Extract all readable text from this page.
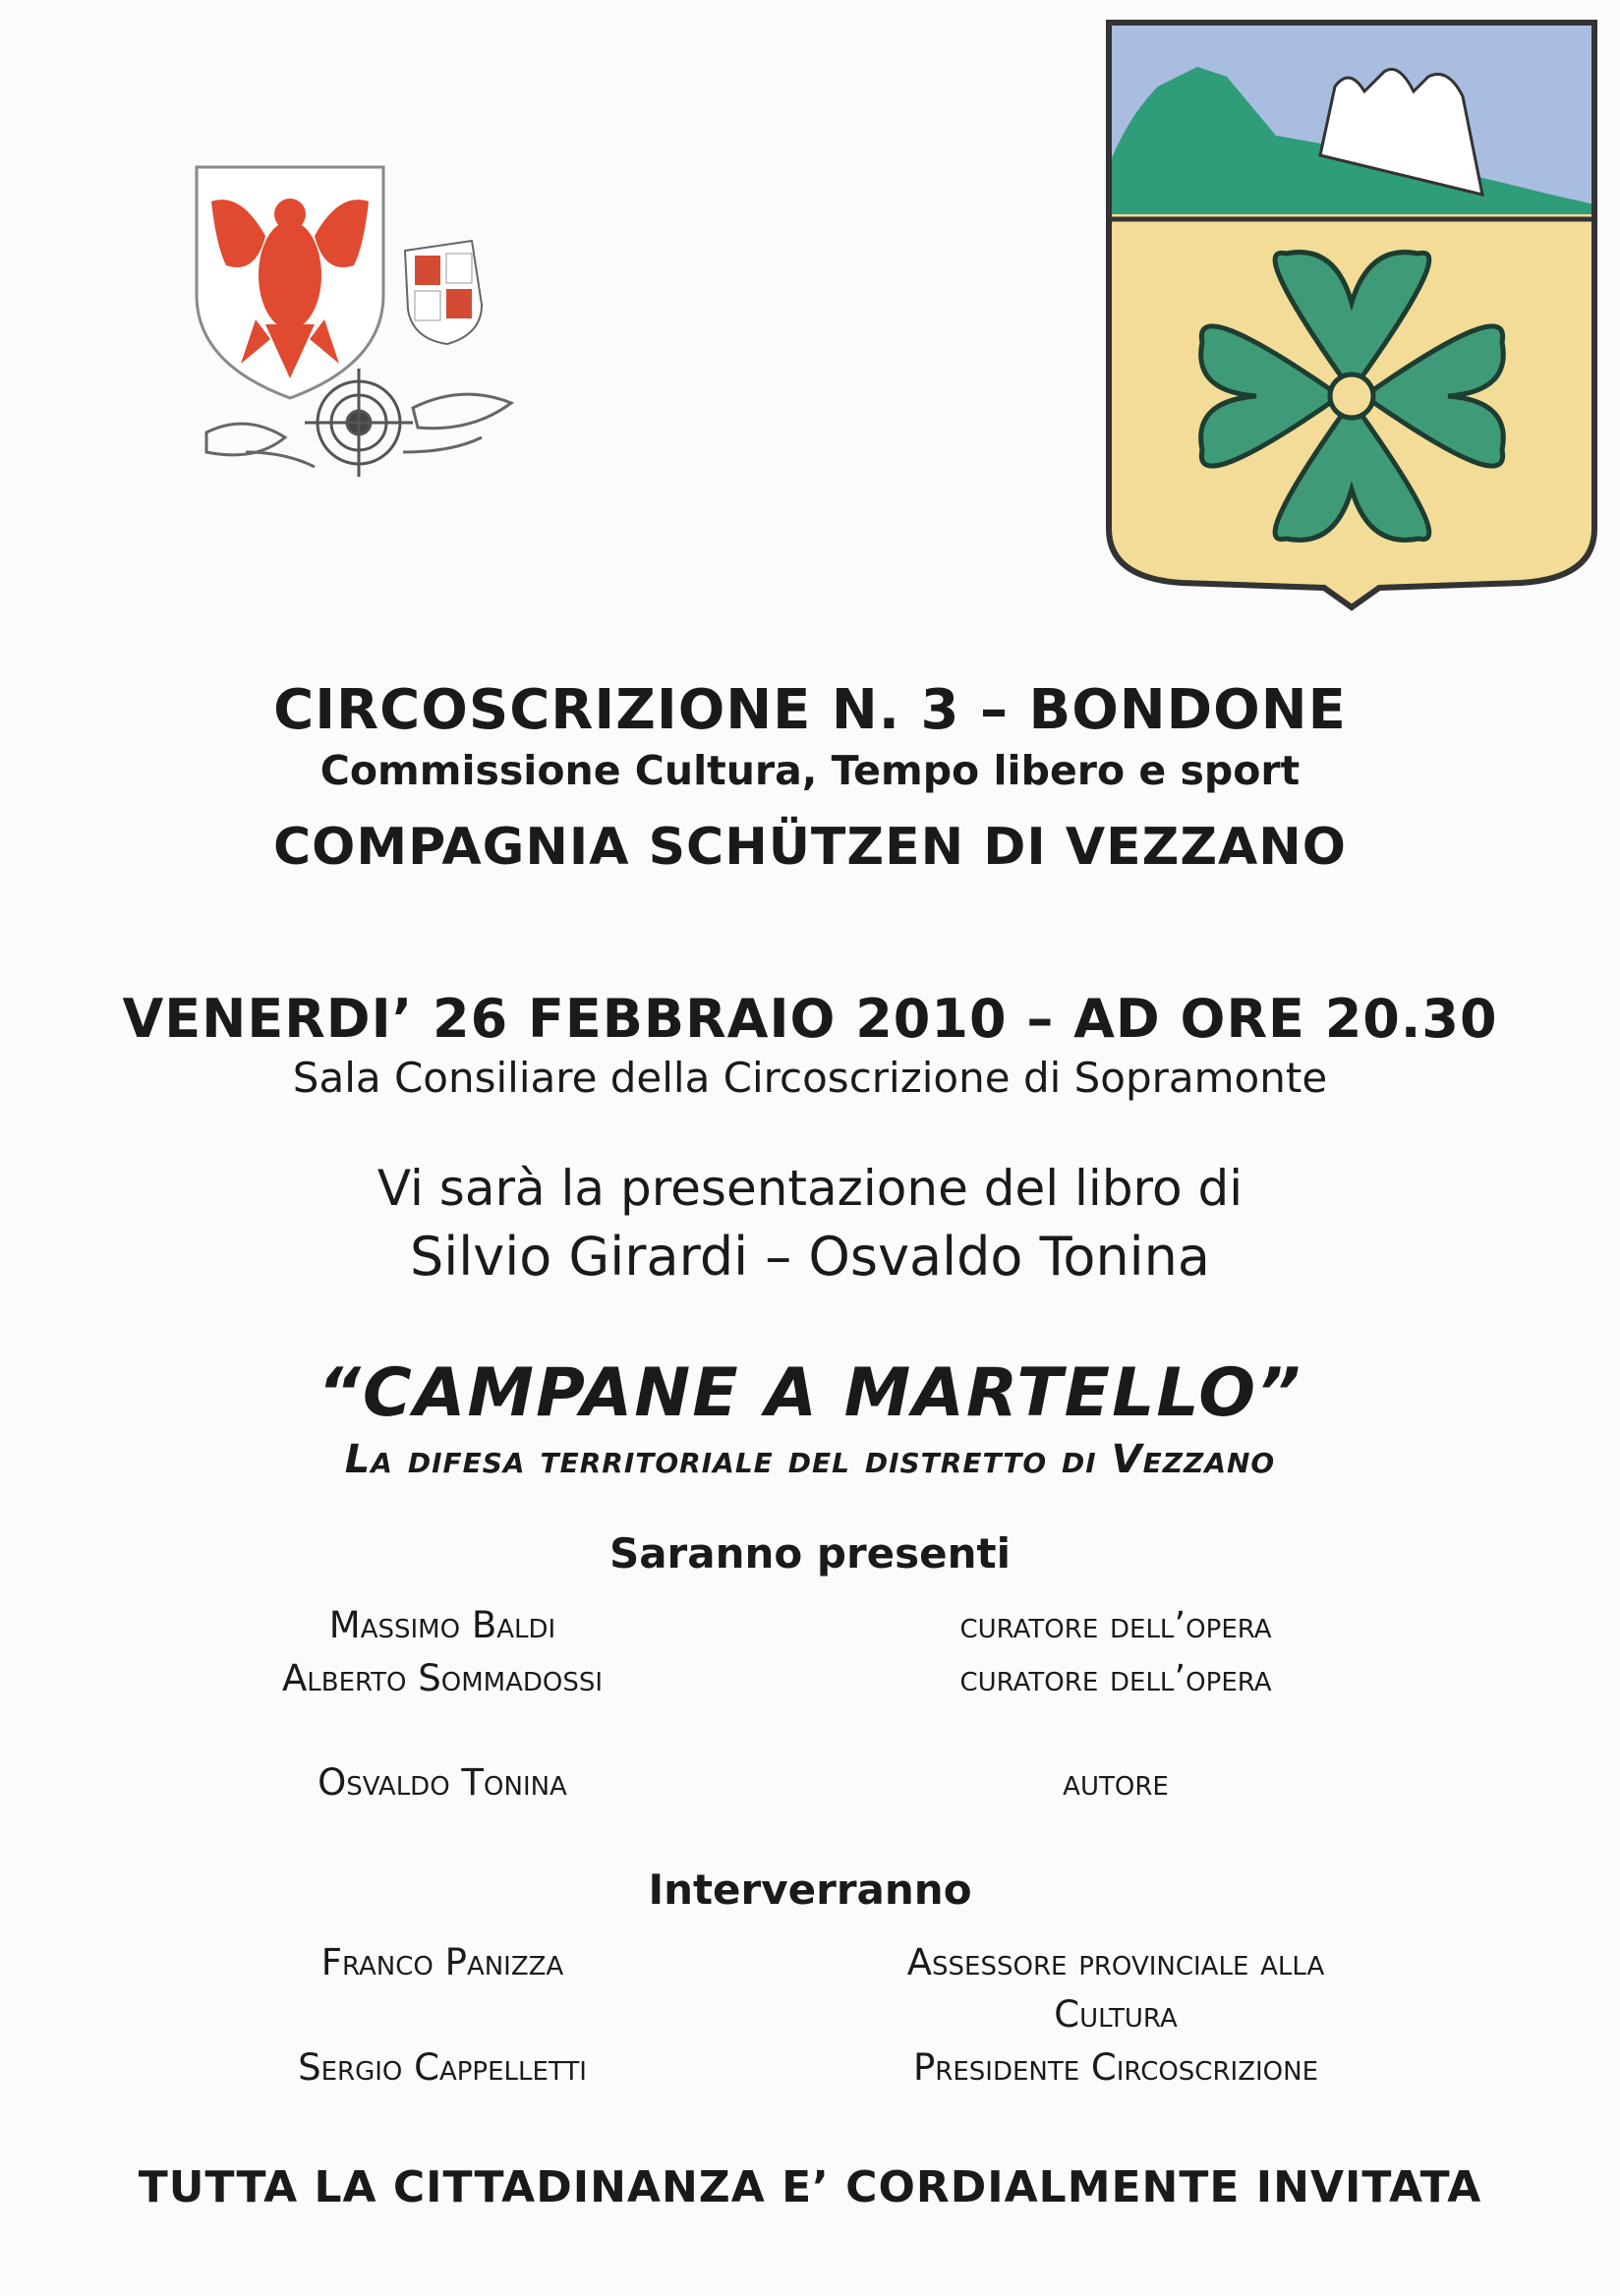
CIRCOSCRIZIONE N. 3 – BONDONE
Commissione Cultura, Tempo libero e sport
COMPAGNIA SCHÜTZEN DI VEZZANO
VENERDI’ 26 FEBBRAIO 2010 – AD ORE 20.30
Sala Consiliare della Circoscrizione di Sopramonte
Vi sarà la presentazione del libro di
Silvio Girardi – Osvaldo Tonina
“CAMPANE A MARTELLO”
La difesa territoriale del distretto di Vezzano
Saranno presenti
Massimo Baldi	curatore dell’opera
Alberto Sommadossi	curatore dell’opera
Osvaldo Tonina	autore
Interverranno
Franco Panizza	Assessore provinciale alla
Cultura
Sergio Cappelletti	Presidente Circoscrizione
TUTTA LA CITTADINANZA E’ CORDIALMENTE INVITATA
